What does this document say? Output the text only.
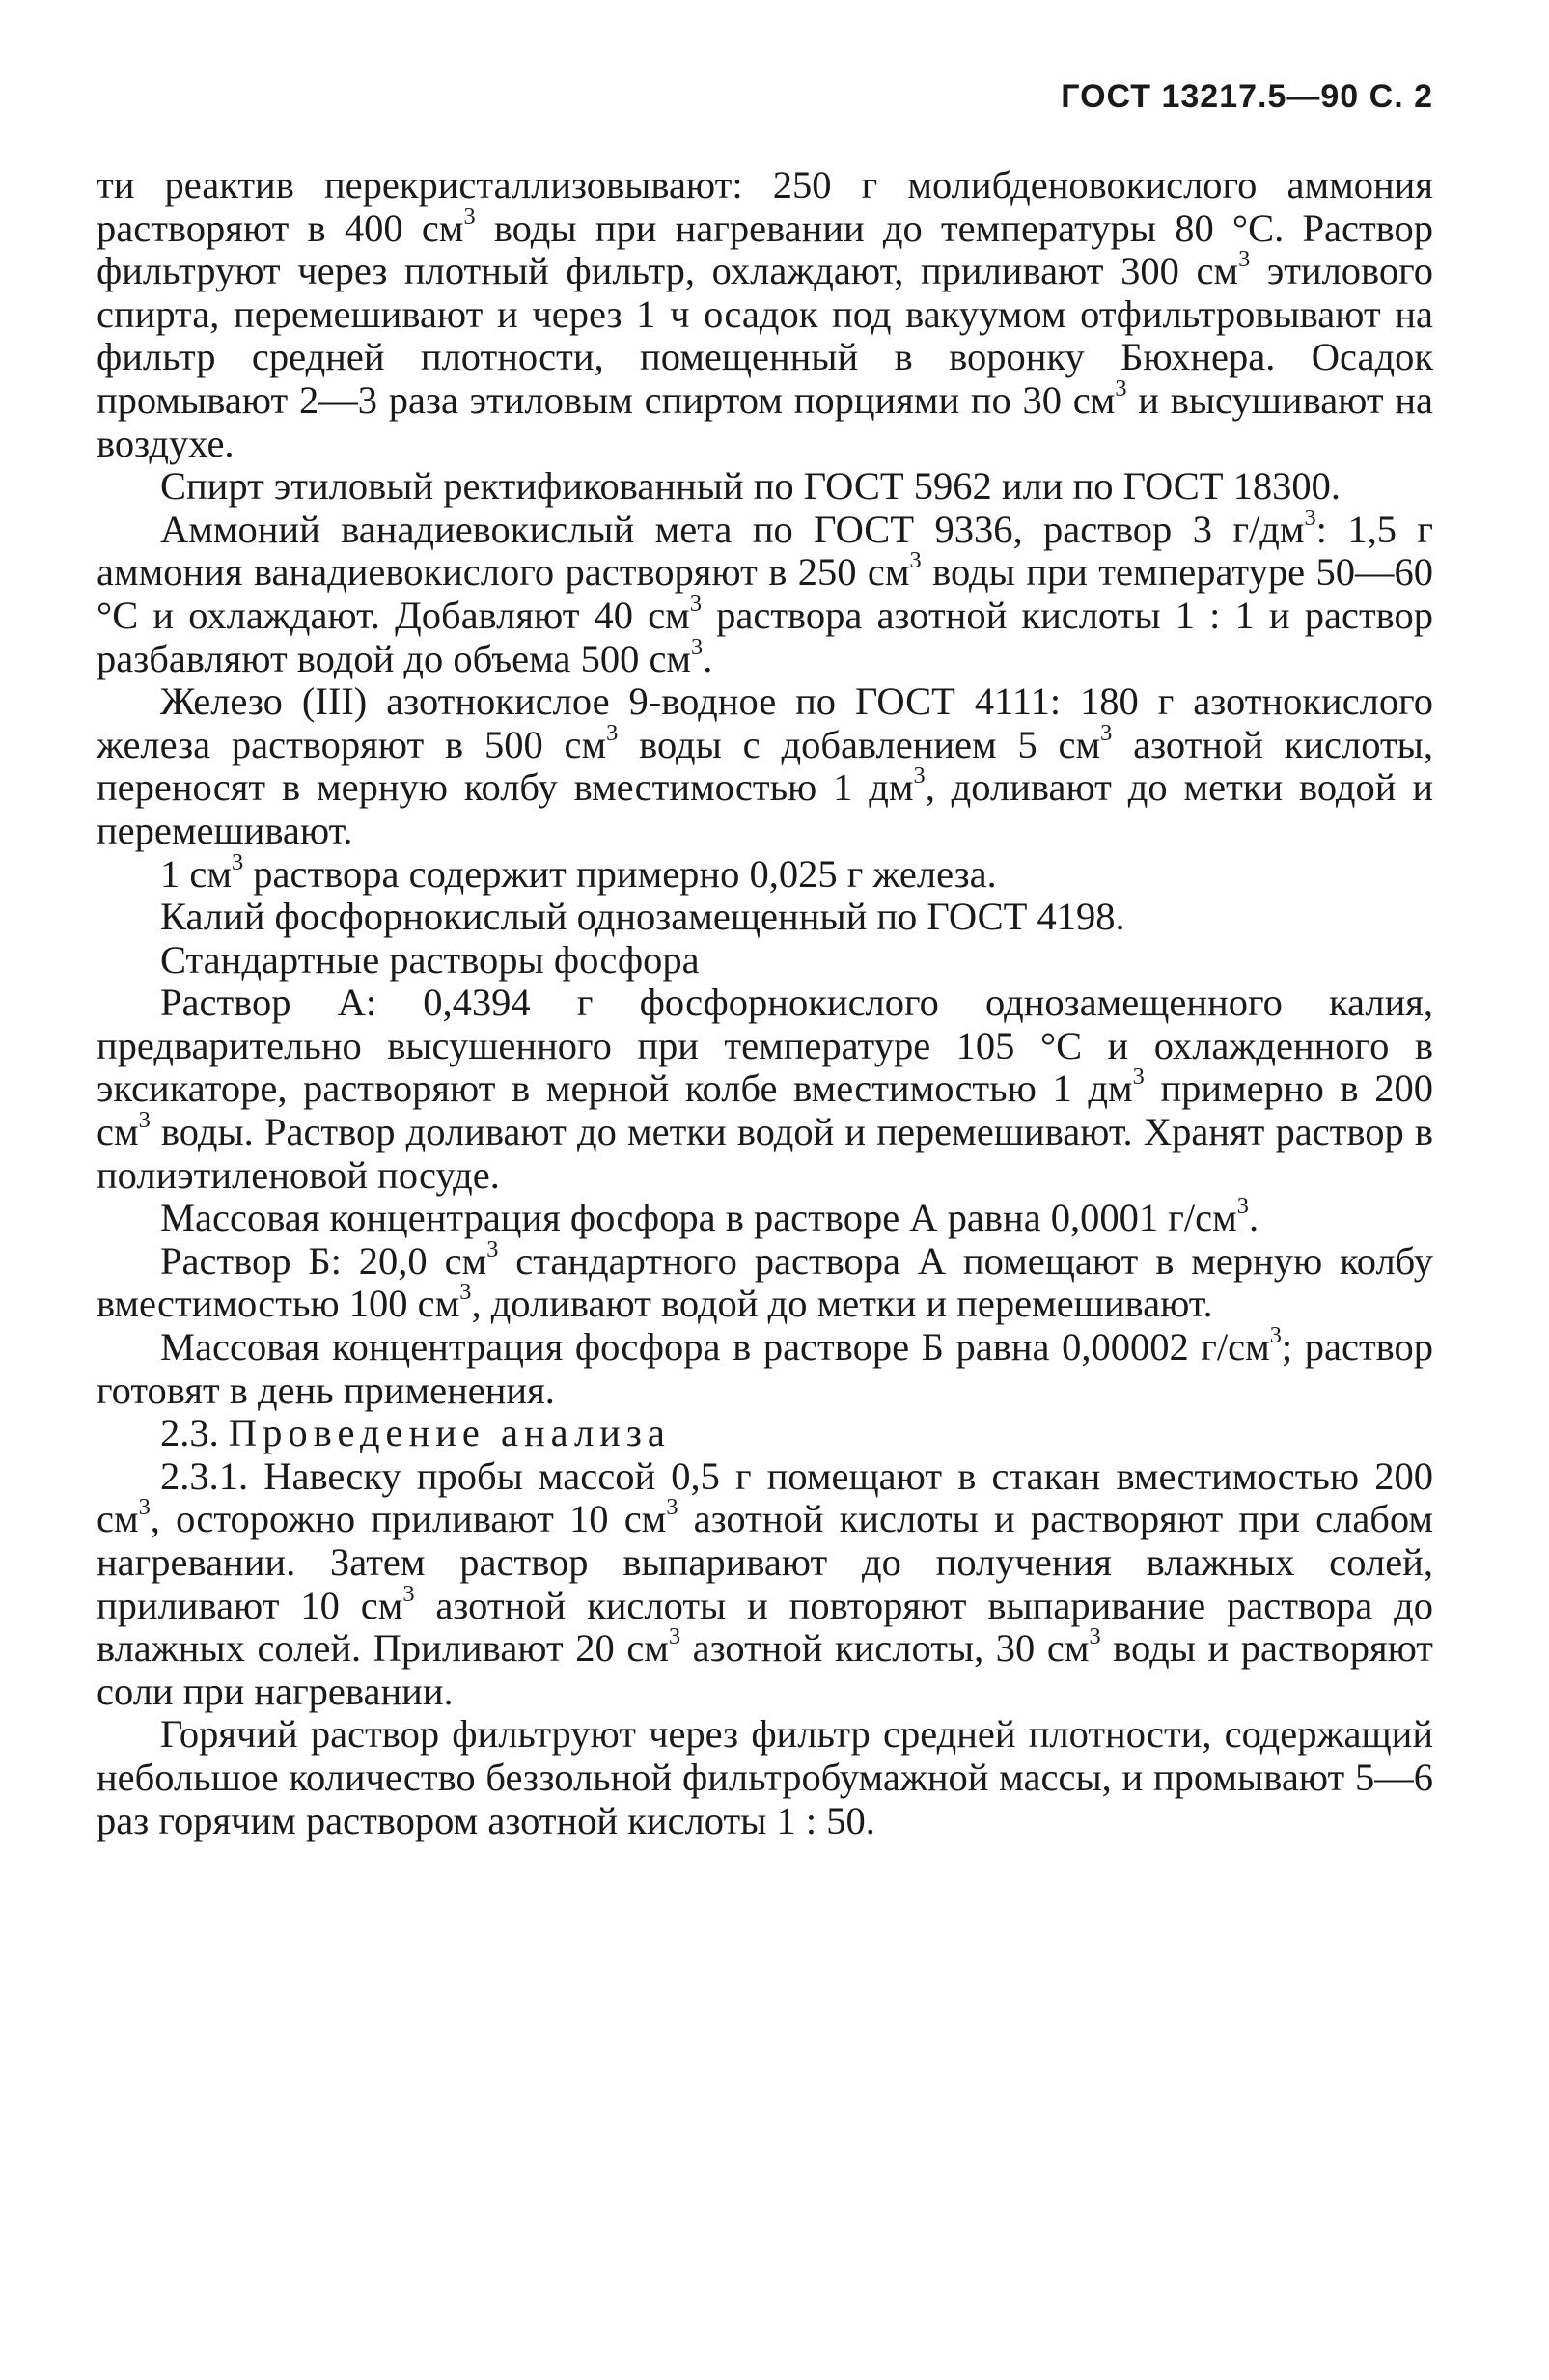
ГОСТ 13217.5—90 С. 2

ти реактив перекристаллизовывают: 250 г молибденовокислого аммония растворяют в 400 $см^3$ воды при нагревании до температуры 80 °С. Раствор фильтруют через плотный фильтр, охлаждают, приливают 300 $см^3$ этилового спирта, перемешивают и через 1 ч осадок под вакуумом отфильтровывают на фильтр средней плотности, помещенный в воронку Бюхнера. Осадок промывают 2—3 раза этиловым спиртом порциями по 30 $см^3$ и высушивают на воздухе.

Спирт этиловый ректификованный по ГОСТ 5962 или по ГОСТ 18300.

Аммоний ванадиевокислый мета по ГОСТ 9336, раствор 3 $г/дм^3$: 1,5 г аммония ванадиевокислого растворяют в 250 $см^3$ воды при температуре 50—60 °С и охлаждают. Добавляют 40 $см^3$ раствора азотной кислоты 1 : 1 и раствор разбавляют водой до объема 500 $см^3$.

Железо (III) азотнокислое 9-водное по ГОСТ 4111: 180 г азотнокислого железа растворяют в 500 $см^3$ воды с добавлением 5 $см^3$ азотной кислоты, переносят в мерную колбу вместимостью 1 $дм^3$, доливают до метки водой и перемешивают.

1 $см^3$ раствора содержит примерно 0,025 г железа.

Калий фосфорнокислый однозамещенный по ГОСТ 4198.

Стандартные растворы фосфора

Раствор А: 0,4394 г фосфорнокислого однозамещенного калия, предварительно высушенного при температуре 105 °С и охлажденного в эксикаторе, растворяют в мерной колбе вместимостью 1 $дм^3$ примерно в 200 $см^3$ воды. Раствор доливают до метки водой и перемешивают. Хранят раствор в полиэтиленовой посуде.

Массовая концентрация фосфора в растворе А равна 0,0001 $г/см^3$.

Раствор Б: 20,0 $см^3$ стандартного раствора А помещают в мерную колбу вместимостью 100 $см^3$, доливают водой до метки и перемешивают.

Массовая концентрация фосфора в растворе Б равна 0,00002 $г/см^3$; раствор готовят в день применения.

2.3. Проведение анализа

2.3.1. Навеску пробы массой 0,5 г помещают в стакан вместимостью 200 $см^3$, осторожно приливают 10 $см^3$ азотной кислоты и растворяют при слабом нагревании. Затем раствор выпаривают до получения влажных солей, приливают 10 $см^3$ азотной кислоты и повторяют выпаривание раствора до влажных солей. Приливают 20 $см^3$ азотной кислоты, 30 $см^3$ воды и растворяют соли при нагревании.

Горячий раствор фильтруют через фильтр средней плотности, содержащий небольшое количество беззольной фильтробумажной массы, и промывают 5—6 раз горячим раствором азотной кислоты 1 : 50.
